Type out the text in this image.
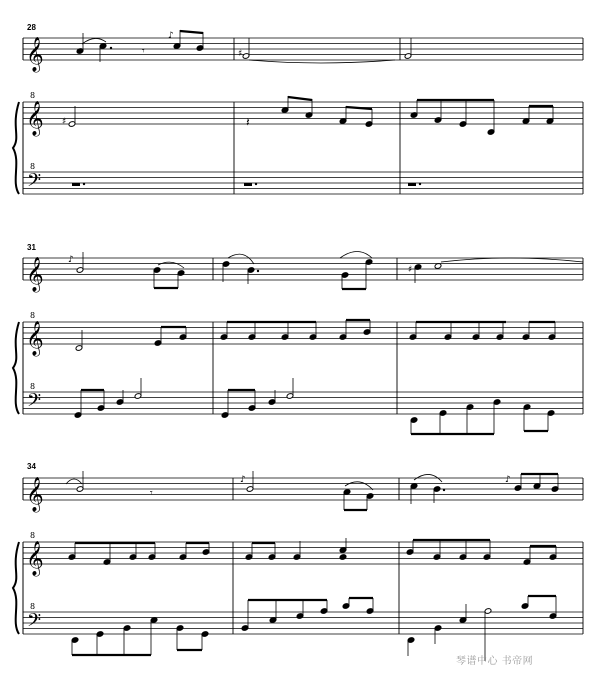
28
31
34
𝄞
𝄞
8
𝄢
8
𝄞
𝄞
8
𝄢
8
𝄞
𝄞
8
𝄢
8
𝄾
♪
♯
♯	𝄽
♪
♯
𝄾
♪	♪
琴谱中心 书帝网
